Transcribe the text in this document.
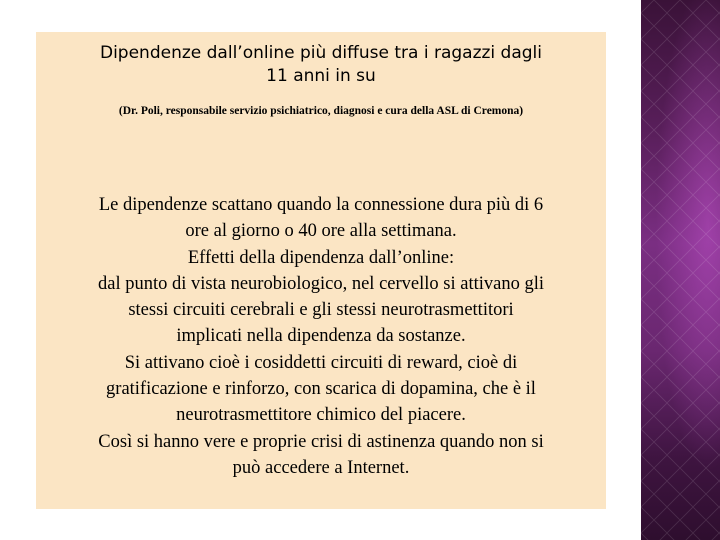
Dipendenze dall’online più diffuse tra i ragazzi dagli
11 anni in su
(Dr. Poli, responsabile servizio psichiatrico, diagnosi e cura della ASL di Cremona)
Le dipendenze scattano quando la connessione dura più di 6
ore al giorno o 40 ore alla settimana.
Effetti della dipendenza dall’online:
dal punto di vista neurobiologico, nel cervello si attivano gli
stessi circuiti cerebrali e gli stessi neurotrasmettitori
implicati nella dipendenza da sostanze.
Si attivano cioè i cosiddetti circuiti di reward, cioè di
gratificazione e rinforzo, con scarica di dopamina, che è il
neurotrasmettitore chimico del piacere.
Così si hanno vere e proprie crisi di astinenza quando non si
può accedere a Internet.
